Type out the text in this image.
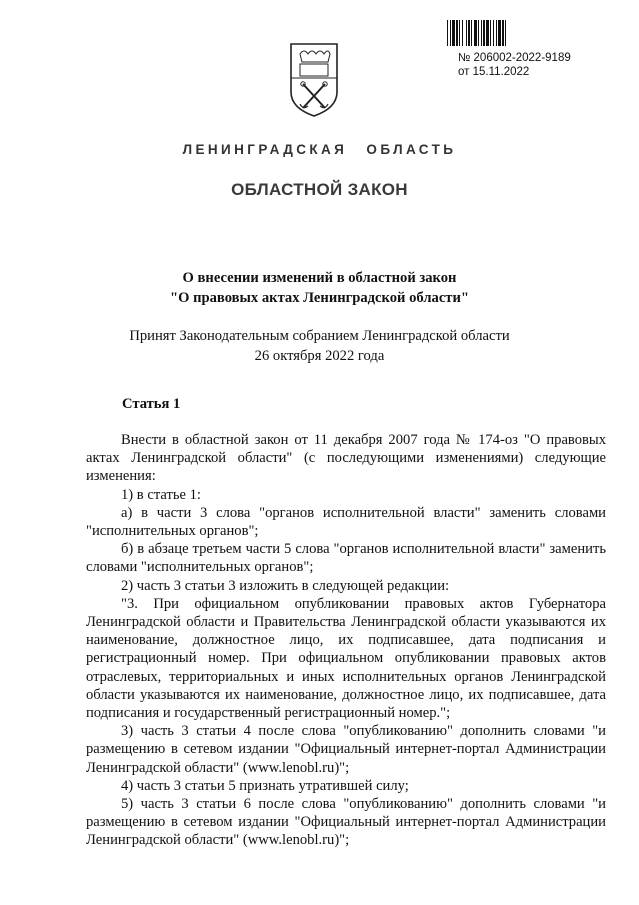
№ 206002-2022-9189
от 15.11.2022
ЛЕНИНГРАДСКАЯ ОБЛАСТЬ
ОБЛАСТНОЙ ЗАКОН
О внесении изменений в областной закон
"О правовых актах Ленинградской области"
Принят Законодательным собранием Ленинградской области
26 октября 2022 года
Статья 1

Внести в областной закон от 11 декабря 2007 года № 174-оз "О правовых актах Ленинградской области" (с последующими изменениями) следующие изменения:

1) в статье 1:

а) в части 3 слова "органов исполнительной власти" заменить словами "исполнительных органов";

б) в абзаце третьем части 5 слова "органов исполнительной власти" заменить словами "исполнительных органов";

2) часть 3 статьи 3 изложить в следующей редакции:

"3. При официальном опубликовании правовых актов Губернатора Ленинградской области и Правительства Ленинградской области указываются их наименование, должностное лицо, их подписавшее, дата подписания и регистрационный номер. При официальном опубликовании правовых актов отраслевых, территориальных и иных исполнительных органов Ленинградской области указываются их наименование, должностное лицо, их подписавшее, дата подписания и государственный регистрационный номер.";

3) часть 3 статьи 4 после слова "опубликованию" дополнить словами "и размещению в сетевом издании "Официальный интернет-портал Администрации Ленинградской области" (www.lenobl.ru)";

4) часть 3 статьи 5 признать утратившей силу;

5) часть 3 статьи 6 после слова "опубликованию" дополнить словами "и размещению в сетевом издании "Официальный интернет-портал Администрации Ленинградской области" (www.lenobl.ru)";
